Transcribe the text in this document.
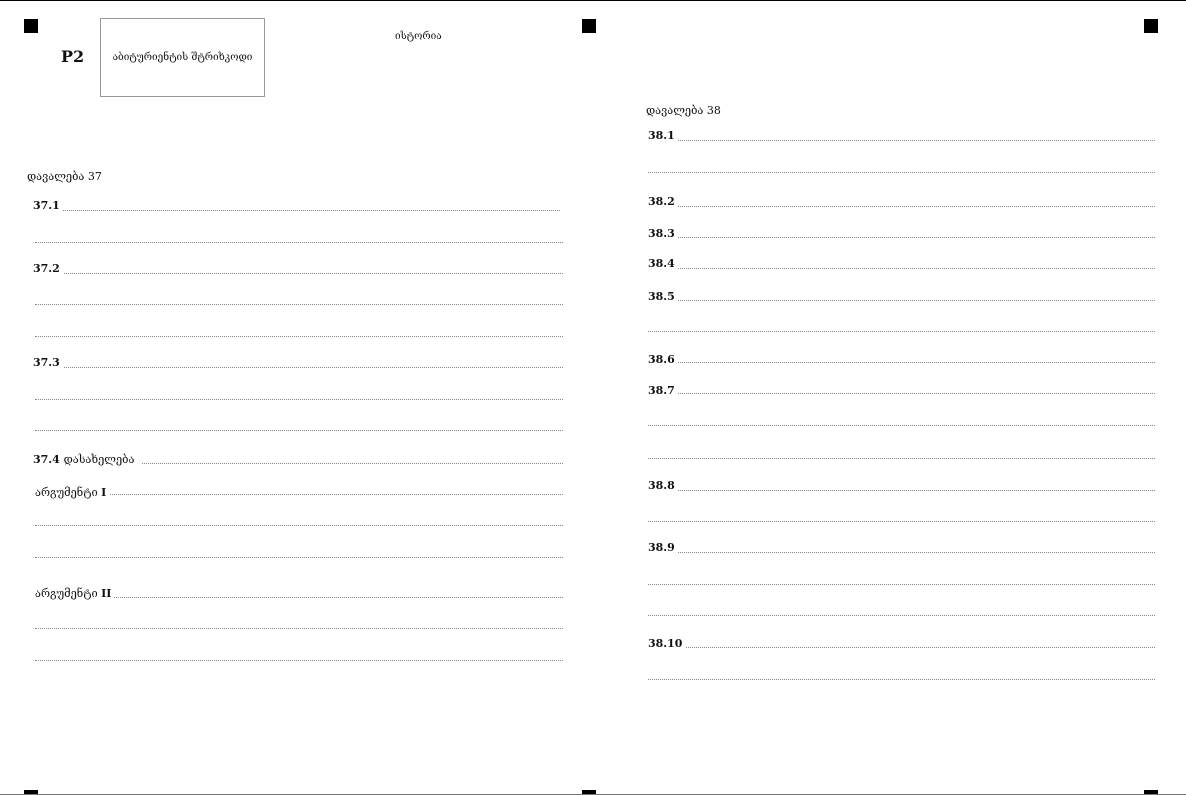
P2	აბიტურიენტის შტრიხკოდი
ისტორია
დავალება 37
37.1
37.2
37.3
37.4 დასახელება
არგუმენტი I
არგუმენტი II
დავალება 38
38.1
38.2
38.3
38.4
38.5
38.6
38.7
38.8
38.9
38.10
